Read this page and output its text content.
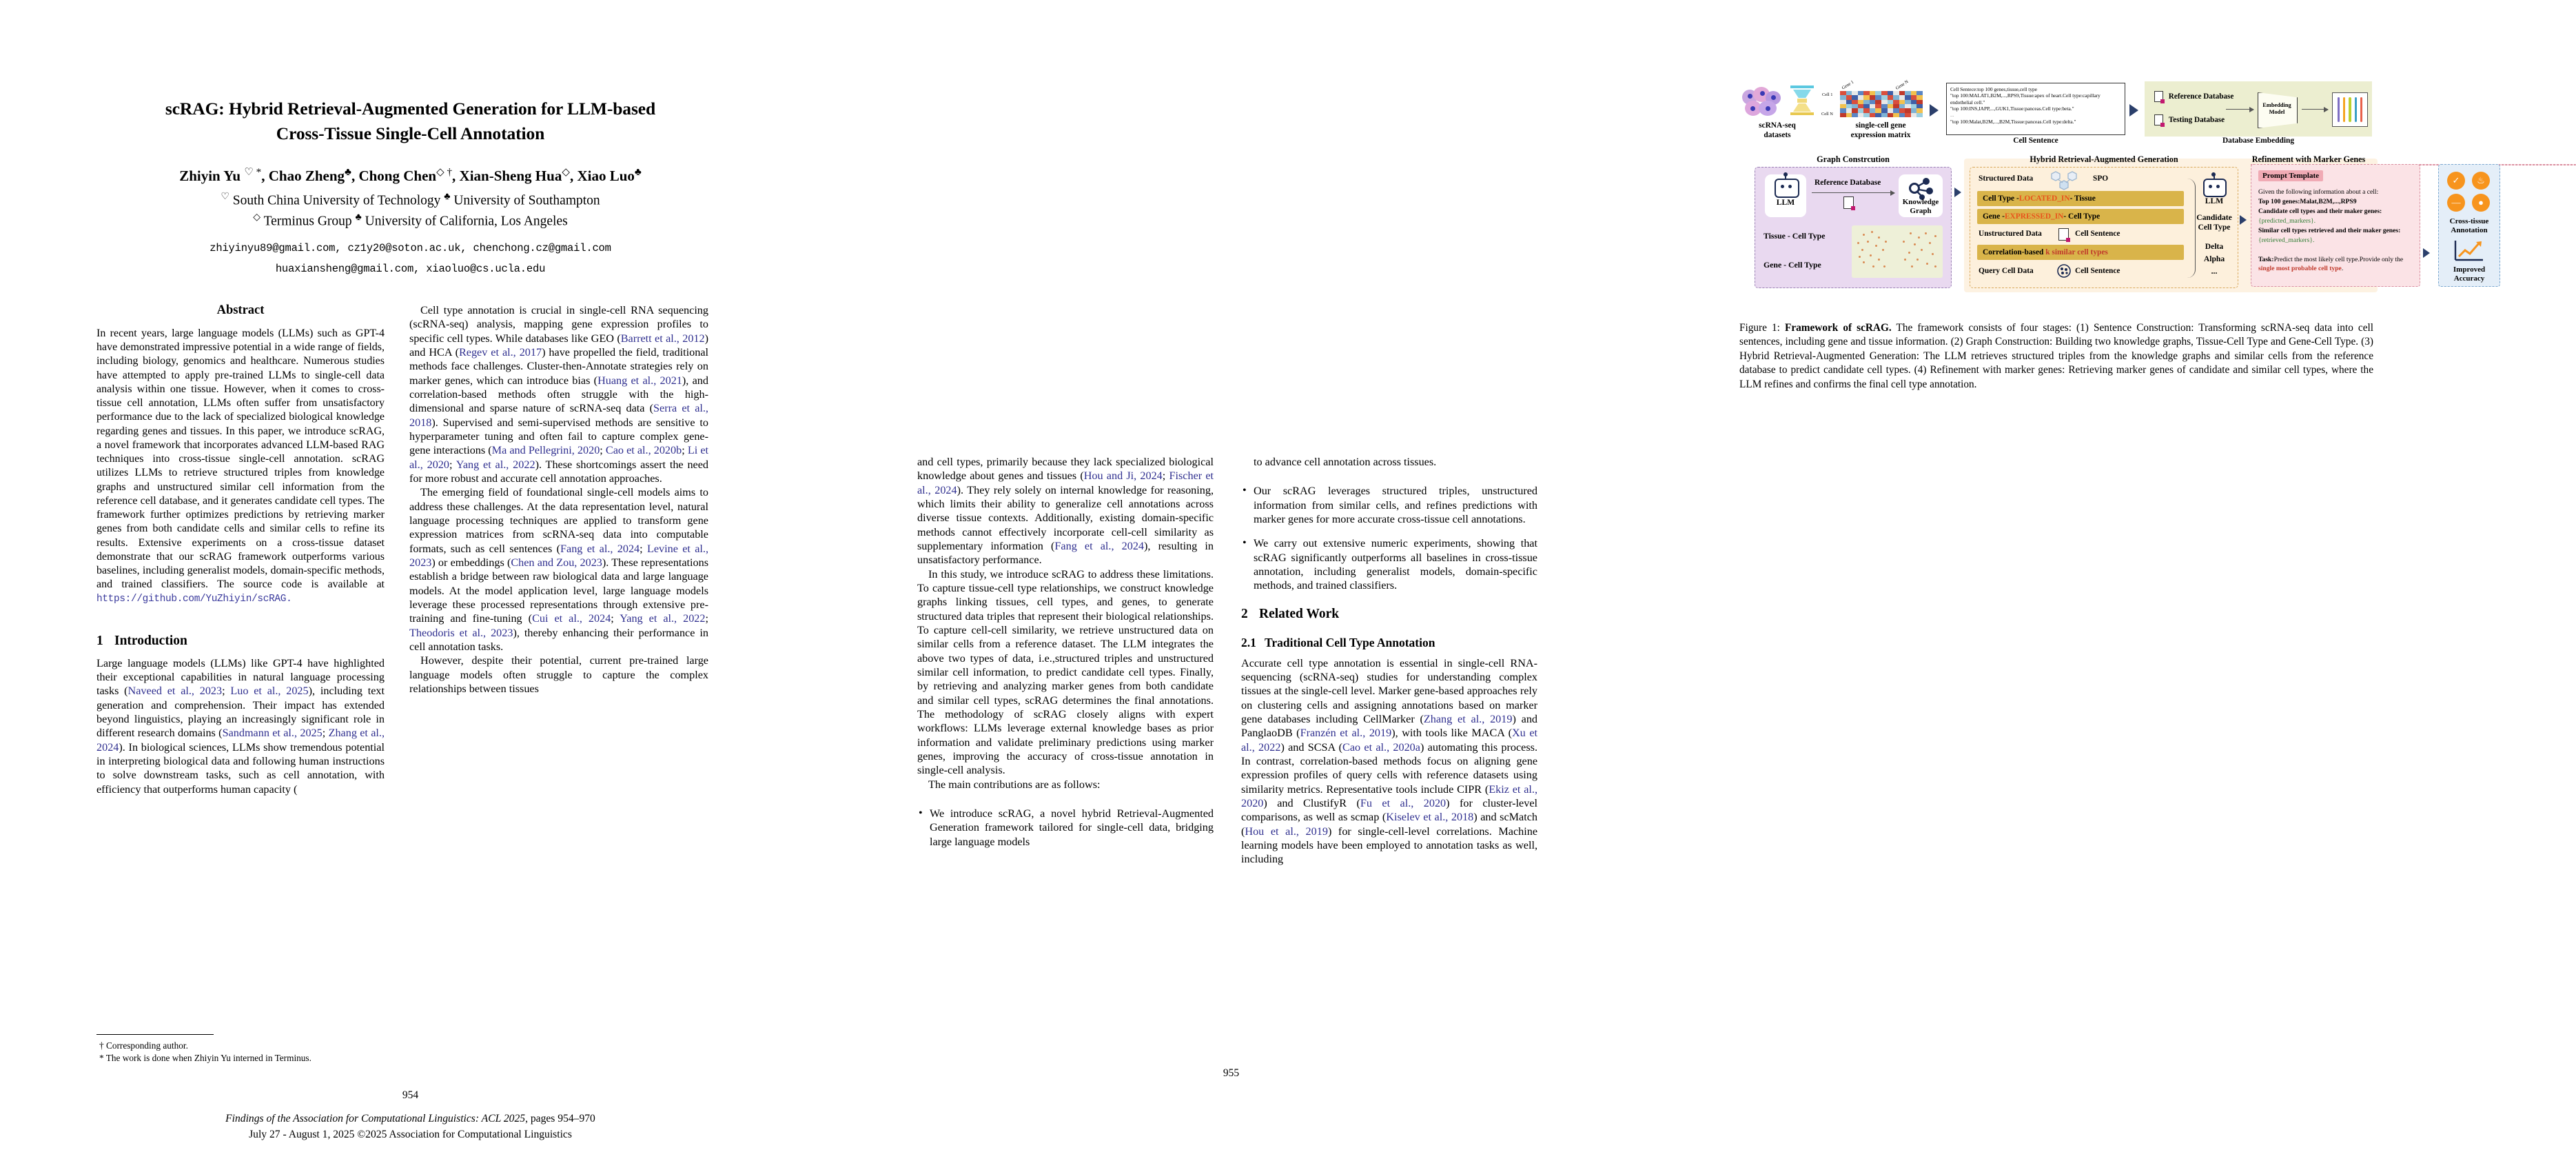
scRAG: Hybrid Retrieval-Augmented Generation for LLM-based
Cross-Tissue Single-Cell Annotation
Zhiyin Yu ♡ *, Chao Zheng♣, Chong Chen◇ †, Xian-Sheng Hua◇, Xiao Luo♣
♡ South China University of Technology ♣ University of Southampton
◇ Terminus Group ♣ University of California, Los Angeles
zhiyinyu89@gmail.com, cz1y20@soton.ac.uk, chenchong.cz@gmail.com
huaxiansheng@gmail.com, xiaoluo@cs.ucla.edu
Abstract

In recent years, large language models (LLMs) such as GPT-4 have demonstrated impressive potential in a wide range of fields, including biology, genomics and healthcare. Numerous studies have attempted to apply pre-trained LLMs to single-cell data analysis within one tissue. However, when it comes to cross-tissue cell annotation, LLMs often suffer from unsatisfactory performance due to the lack of specialized biological knowledge regarding genes and tissues. In this paper, we introduce scRAG, a novel framework that incorporates advanced LLM-based RAG techniques into cross-tissue single-cell annotation. scRAG utilizes LLMs to retrieve structured triples from knowledge graphs and unstructured similar cell information from the reference cell database, and it generates candidate cell types. The framework further optimizes predictions by retrieving marker genes from both candidate cells and similar cells to refine its results. Extensive experiments on a cross-tissue dataset demonstrate that our scRAG framework outperforms various baselines, including generalist models, domain-specific methods, and trained classifiers. The source code is available at https://github.com/YuZhiyin/scRAG.

1 Introduction

Large language models (LLMs) like GPT-4 have highlighted their exceptional capabilities in natural language processing tasks (Naveed et al., 2023; Luo et al., 2025), including text generation and comprehension. Their impact has extended beyond linguistics, playing an increasingly significant role in different research domains (Sandmann et al., 2025; Zhang et al., 2024). In biological sciences, LLMs show tremendous potential in interpreting biological data and following human instructions to solve downstream tasks, such as cell annotation, with efficiency that outperforms human capacity (

† Corresponding author.

* The work is done when Zhiyin Yu interned in Terminus.

Cell type annotation is crucial in single-cell RNA sequencing (scRNA-seq) analysis, mapping gene expression profiles to specific cell types. While databases like GEO (Barrett et al., 2012) and HCA (Regev et al., 2017) have propelled the field, traditional methods face challenges. Cluster-then-Annotate strategies rely on marker genes, which can introduce bias (Huang et al., 2021), and correlation-based methods often struggle with the high-dimensional and sparse nature of scRNA-seq data (Serra et al., 2018). Supervised and semi-supervised methods are sensitive to hyperparameter tuning and often fail to capture complex gene-gene interactions (Ma and Pellegrini, 2020; Cao et al., 2020b; Li et al., 2020; Yang et al., 2022). These shortcomings assert the need for more robust and accurate cell annotation approaches.

The emerging field of foundational single-cell models aims to address these challenges. At the data representation level, natural language processing techniques are applied to transform gene expression matrices from scRNA-seq data into computable formats, such as cell sentences (Fang et al., 2024; Levine et al., 2023) or embeddings (Chen and Zou, 2023). These representations establish a bridge between raw biological data and large language models. At the model application level, large language models leverage these processed representations through extensive pre-training and fine-tuning (Cui et al., 2024; Yang et al., 2022; Theodoris et al., 2023), thereby enhancing their performance in cell annotation tasks.

However, despite their potential, current pre-trained large language models often struggle to capture the complex relationships between tissues

954
Findings of the Association for Computational Linguistics: ACL 2025, pages 954–970
July 27 - August 1, 2025 ©2025 Association for Computational Linguistics
scRNA-seq
datasets
Gene 1	Gene N
Cell 1
Cell N
single-cell gene
expression matrix
Cell Sentece:top 100 genes,tissue,cell type
"top 100:MALAT1,B2M,...,RPS9,Tissue:apex of heart.Cell type:capillary endothelial cell."
"top 100:INS,IAPP,...,GUK1,Tissue:panceas.Cell type:beta."
...
"top 100:Malat,B2M,...,B2M,Tissue:panceas.Cell type:delta."
Cell Sentence
Reference Database
Testing Database
Embedding
Model
Database Embedding
Graph Constrcution	Hybrid Retrieval-Augmented Generation	Refinement with Marker Genes
LLM
Reference Database
Knowledge
Graph
Tissue - Cell Type
Gene - Cell Type
Structured Data	SPO
Cell Type - LOCATED_IN - Tissue
Gene - EXPRESSED_IN - Cell Type
Unstructured Data	Cell Sentence
Correlation-based
k similar cell types
Query Cell Data	Cell Sentence
LLM
Candidate
Cell Type
Delta
Alpha
...
Prompt Template
Given the following information about a cell:
Top 100 genes:Malat,B2M,...,RPS9
Candidate cell types and their maker genes:
{predicted_markers}.
Similar cell types retrieved and their maker genes:
{retrieved_markers}.
Task:Predict the most likely cell type.Provide only the single most probable cell type.
✓	♨
—	●
Cross-tissue
Annotation
Improved
Accuracy
Figure 1: Framework of scRAG. The framework consists of four stages: (1) Sentence Construction: Transforming scRNA-seq data into cell sentences, including gene and tissue information. (2) Graph Construction: Building two knowledge graphs, Tissue-Cell Type and Gene-Cell Type. (3) Hybrid Retrieval-Augmented Generation: The LLM retrieves structured triples from the knowledge graphs and similar cells from the reference database to predict candidate cell types. (4) Refinement with marker genes: Retrieving marker genes of candidate and similar cell types, where the LLM refines and confirms the final cell type annotation.

and cell types, primarily because they lack specialized biological knowledge about genes and tissues (Hou and Ji, 2024; Fischer et al., 2024). They rely solely on internal knowledge for reasoning, which limits their ability to generalize cell annotations across diverse tissue contexts. Additionally, existing domain-specific methods cannot effectively incorporate cell-cell similarity as supplementary information (Fang et al., 2024), resulting in unsatisfactory performance.

In this study, we introduce scRAG to address these limitations. To capture tissue-cell type relationships, we construct knowledge graphs linking tissues, cell types, and genes, to generate structured data triples that represent their biological relationships. To capture cell-cell similarity, we retrieve unstructured data on similar cells from a reference dataset. The LLM integrates the above two types of data, i.e.,structured triples and unstructured similar cell information, to predict candidate cell types. Finally, by retrieving and analyzing marker genes from both candidate and similar cell types, scRAG determines the final annotations. The methodology of scRAG closely aligns with expert workflows: LLMs leverage external knowledge bases as prior information and validate preliminary predictions using marker genes, improving the accuracy of cross-tissue annotation in single-cell analysis.

The main contributions are as follows:

• We introduce scRAG, a novel hybrid Retrieval-Augmented Generation framework tailored for single-cell data, bridging large language models

to advance cell annotation across tissues.

• Our scRAG leverages structured triples, unstructured information from similar cells, and refines predictions with marker genes for more accurate cross-tissue cell annotations.
• We carry out extensive numeric experiments, showing that scRAG significantly outperforms all baselines in cross-tissue annotation, including generalist models, domain-specific methods, and trained classifiers.
2 Related Work
2.1 Traditional Cell Type Annotation

Accurate cell type annotation is essential in single-cell RNA-sequencing (scRNA-seq) studies for understanding complex tissues at the single-cell level. Marker gene-based approaches rely on clustering cells and assigning annotations based on marker gene databases including CellMarker (Zhang et al., 2019) and PanglaoDB (Franzén et al., 2019), with tools like MACA (Xu et al., 2022) and SCSA (Cao et al., 2020a) automating this process. In contrast, correlation-based methods focus on aligning gene expression profiles of query cells with reference datasets using similarity metrics. Representative tools include CIPR (Ekiz et al., 2020) and ClustifyR (Fu et al., 2020) for cluster-level comparisons, as well as scmap (Kiselev et al., 2018) and scMatch (Hou et al., 2019) for single-cell-level correlations. Machine learning models have been employed to annotation tasks as well, including

955
